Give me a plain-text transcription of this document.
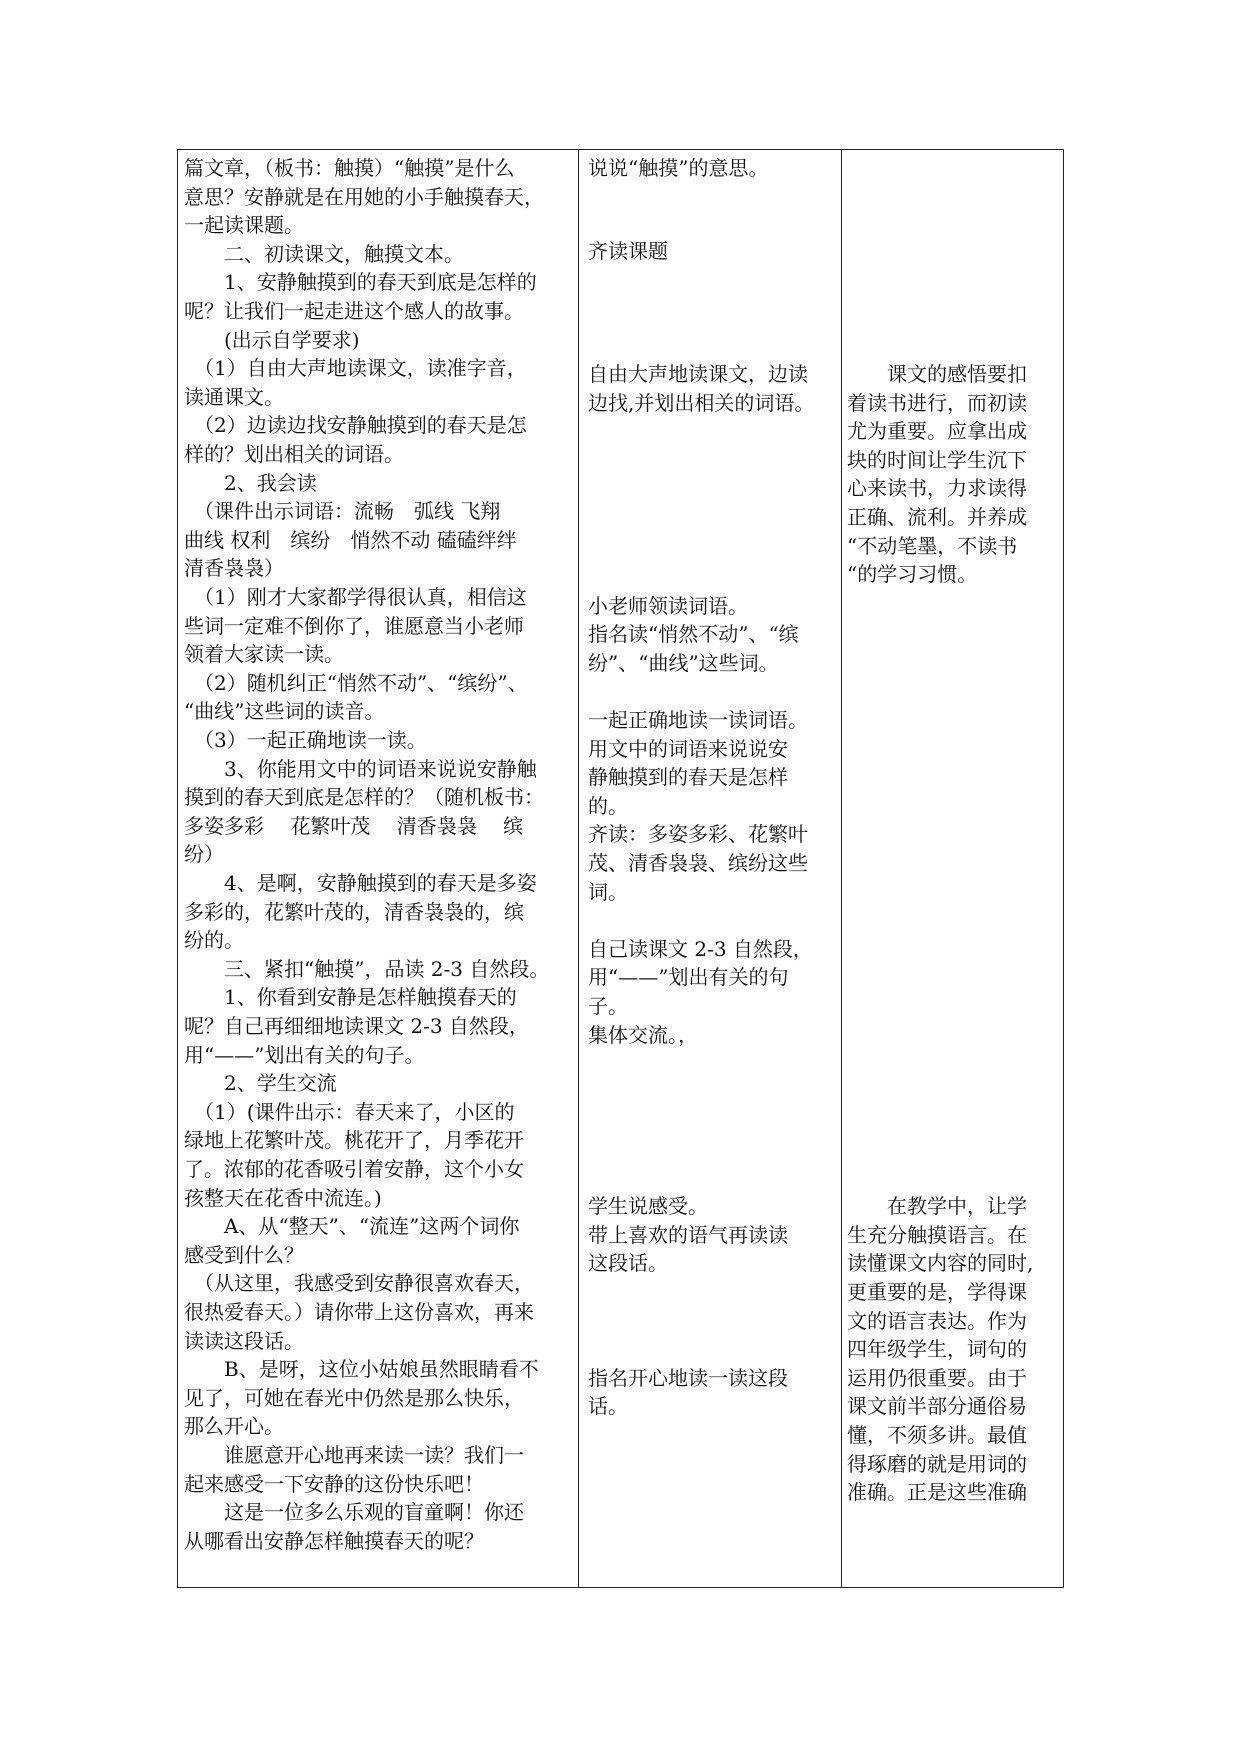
篇文章，（板书：触摸）“触摸”是什么
意思？安静就是在用她的小手触摸春天，
一起读课题。
　　二、初读课文，触摸文本。
　　1、安静触摸到的春天到底是怎样的
呢？让我们一起走进这个感人的故事。
　　(出示自学要求)
　（1）自由大声地读课文，读准字音，
读通课文。
　（2）边读边找安静触摸到的春天是怎
样的？划出相关的词语。
　　2、我会读
　（课件出示词语：流畅　弧线 飞翔
曲线 权利　缤纷　悄然不动 磕磕绊绊
清香袅袅）
　（1）刚才大家都学得很认真，相信这
些词一定难不倒你了，谁愿意当小老师
领着大家读一读。
　（2）随机纠正“悄然不动”、“缤纷”、
“曲线”这些词的读音。
　（3）一起正确地读一读。
　　3、你能用文中的词语来说说安静触
摸到的春天到底是怎样的？（随机板书：
多姿多彩　 花繁叶茂　 清香袅袅　 缤
纷）
　　4、是啊，安静触摸到的春天是多姿
多彩的，花繁叶茂的，清香袅袅的，缤
纷的。
　　三、紧扣“触摸”，品读 2-3 自然段。
　　1、你看到安静是怎样触摸春天的
呢？自己再细细地读课文 2-3 自然段，
用“——”划出有关的句子。
　　2、学生交流
　（1）(课件出示：春天来了，小区的
绿地上花繁叶茂。桃花开了，月季花开
了。浓郁的花香吸引着安静，这个小女
孩整天在花香中流连。)
　　A、从“整天”、“流连”这两个词你
感受到什么？
　（从这里，我感受到安静很喜欢春天，
很热爱春天。）请你带上这份喜欢，再来
读读这段话。
　　B、是呀，这位小姑娘虽然眼睛看不
见了，可她在春光中仍然是那么快乐，
那么开心。
　　谁愿意开心地再来读一读？我们一
起来感受一下安静的这份快乐吧！
　　这是一位多么乐观的盲童啊！你还
从哪看出安静怎样触摸春天的呢？
说说“触摸”的意思。
齐读课题
自由大声地读课文，边读
边找,并划出相关的词语。
小老师领读词语。
指名读“悄然不动”、“缤
纷”、“曲线”这些词。
一起正确地读一读词语。
用文中的词语来说说安
静触摸到的春天是怎样
的。
齐读：多姿多彩、花繁叶
茂、清香袅袅、缤纷这些
词。
自己读课文 2-3 自然段，
用“——”划出有关的句
子。
集体交流。，
学生说感受。
带上喜欢的语气再读读
这段话。
指名开心地读一读这段
话。
　　课文的感悟要扣
着读书进行，而初读
尤为重要。应拿出成
块的时间让学生沉下
心来读书，力求读得
正确、流利。并养成
“不动笔墨，不读书
“的学习习惯。
　　在教学中，让学
生充分触摸语言。在
读懂课文内容的同时,
更重要的是，学得课
文的语言表达。作为
四年级学生，词句的
运用仍很重要。由于
课文前半部分通俗易
懂，不须多讲。最值
得琢磨的就是用词的
准确。正是这些准确
